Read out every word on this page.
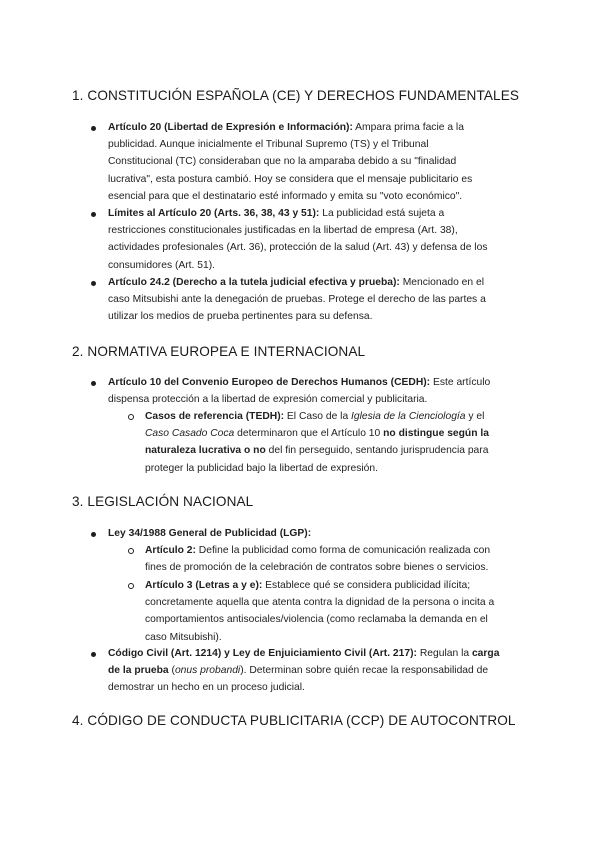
1. CONSTITUCIÓN ESPAÑOLA (CE) Y DERECHOS FUNDAMENTALES
Artículo 20 (Libertad de Expresión e Información): Ampara prima facie a la
publicidad. Aunque inicialmente el Tribunal Supremo (TS) y el Tribunal
Constitucional (TC) consideraban que no la amparaba debido a su "finalidad
lucrativa", esta postura cambió. Hoy se considera que el mensaje publicitario es
esencial para que el destinatario esté informado y emita su "voto económico".
Límites al Artículo 20 (Arts. 36, 38, 43 y 51): La publicidad está sujeta a
restricciones constitucionales justificadas en la libertad de empresa (Art. 38),
actividades profesionales (Art. 36), protección de la salud (Art. 43) y defensa de los
consumidores (Art. 51).
Artículo 24.2 (Derecho a la tutela judicial efectiva y prueba): Mencionado en el
caso Mitsubishi ante la denegación de pruebas. Protege el derecho de las partes a
utilizar los medios de prueba pertinentes para su defensa.
2. NORMATIVA EUROPEA E INTERNACIONAL
Artículo 10 del Convenio Europeo de Derechos Humanos (CEDH): Este artículo
dispensa protección a la libertad de expresión comercial y publicitaria.
Casos de referencia (TEDH): El Caso de la Iglesia de la Cienciología y el
Caso Casado Coca determinaron que el Artículo 10 no distingue según la
naturaleza lucrativa o no del fin perseguido, sentando jurisprudencia para
proteger la publicidad bajo la libertad de expresión.
3. LEGISLACIÓN NACIONAL
Ley 34/1988 General de Publicidad (LGP):
Artículo 2: Define la publicidad como forma de comunicación realizada con
fines de promoción de la celebración de contratos sobre bienes o servicios.
Artículo 3 (Letras a y e): Establece qué se considera publicidad ilícita;
concretamente aquella que atenta contra la dignidad de la persona o incita a
comportamientos antisociales/violencia (como reclamaba la demanda en el
caso Mitsubishi).
Código Civil (Art. 1214) y Ley de Enjuiciamiento Civil (Art. 217): Regulan la carga
de la prueba (onus probandi). Determinan sobre quién recae la responsabilidad de
demostrar un hecho en un proceso judicial.
4. CÓDIGO DE CONDUCTA PUBLICITARIA (CCP) DE AUTOCONTROL
